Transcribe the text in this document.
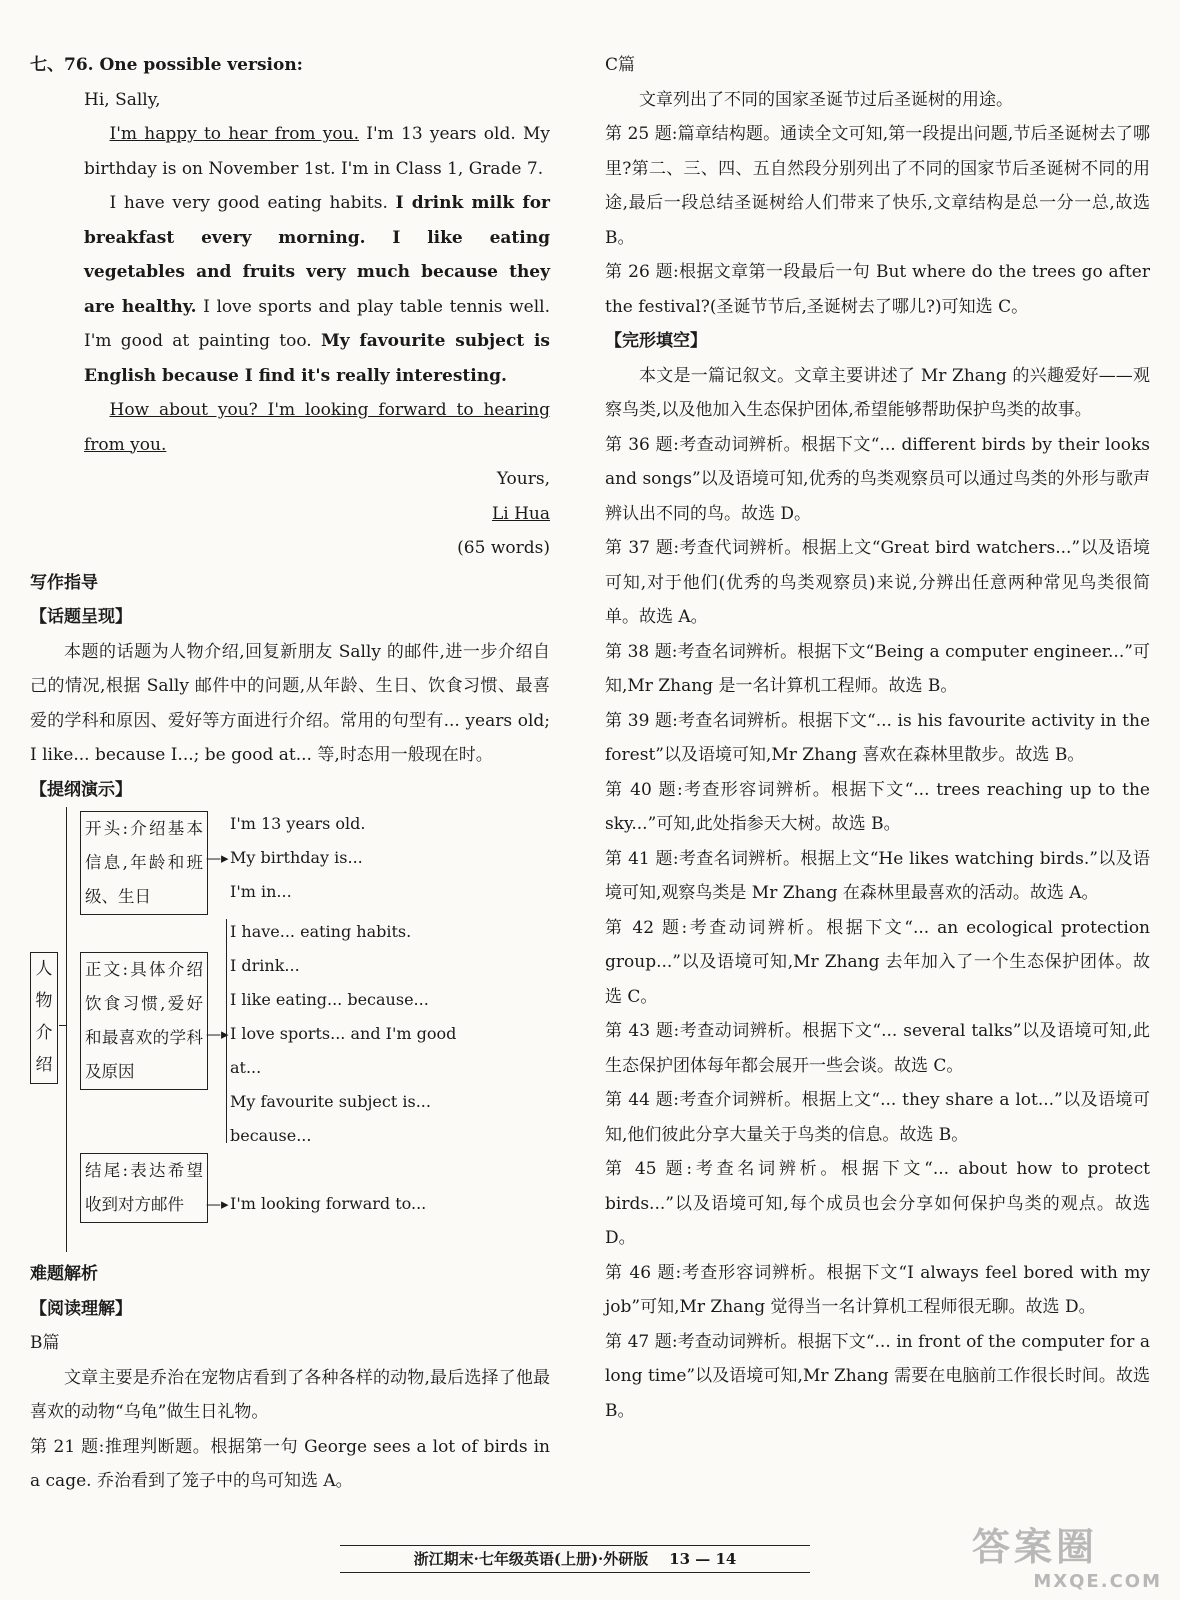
七、76. One possible version:

Hi, Sally,

I'm happy to hear from you. I'm 13 years old. My birthday is on November 1st. I'm in Class 1, Grade 7.

I have very good eating habits. I drink milk for breakfast every morning. I like eating vegetables and fruits very much because they are healthy. I love sports and play table tennis well. I'm good at painting too. My favourite subject is English because I find it's really interesting.

How about you? I'm looking forward to hearing from you.

Yours,

Li Hua

(65 words)

写作指导

【话题呈现】

本题的话题为人物介绍,回复新朋友 Sally 的邮件,进一步介绍自己的情况,根据 Sally 邮件中的问题,从年龄、生日、饮食习惯、最喜爱的学科和原因、爱好等方面进行介绍。常用的句型有... years old; I like... because I...; be good at... 等,时态用一般现在时。

【提纲演示】

人物介绍
开头:介绍基本信息,年龄和班级、生日
—▸
I'm 13 years old.
My birthday is...
I'm in...
正文:具体介绍饮食习惯,爱好和最喜欢的学科及原因
—▸
I have... eating habits.
I drink...
I like eating... because...
I love sports... and I'm good
at...
My favourite subject is...
because...
结尾:表达希望收到对方邮件	—▸ I'm looking forward to...

难题解析

【阅读理解】

B篇

文章主要是乔治在宠物店看到了各种各样的动物,最后选择了他最喜欢的动物“乌龟”做生日礼物。

第 21 题:推理判断题。根据第一句 George sees a lot of birds in a cage. 乔治看到了笼子中的鸟可知选 A。

C篇

文章列出了不同的国家圣诞节过后圣诞树的用途。

第 25 题:篇章结构题。通读全文可知,第一段提出问题,节后圣诞树去了哪里?第二、三、四、五自然段分别列出了不同的国家节后圣诞树不同的用途,最后一段总结圣诞树给人们带来了快乐,文章结构是总一分一总,故选 B。

第 26 题:根据文章第一段最后一句 But where do the trees go after the festival?(圣诞节节后,圣诞树去了哪儿?)可知选 C。

【完形填空】

本文是一篇记叙文。文章主要讲述了 Mr Zhang 的兴趣爱好——观察鸟类,以及他加入生态保护团体,希望能够帮助保护鸟类的故事。

第 36 题:考查动词辨析。根据下文“... different birds by their looks and songs”以及语境可知,优秀的鸟类观察员可以通过鸟类的外形与歌声辨认出不同的鸟。故选 D。

第 37 题:考查代词辨析。根据上文“Great bird watchers...”以及语境可知,对于他们(优秀的鸟类观察员)来说,分辨出任意两种常见鸟类很简单。故选 A。

第 38 题:考查名词辨析。根据下文“Being a computer engineer...”可知,Mr Zhang 是一名计算机工程师。故选 B。

第 39 题:考查名词辨析。根据下文“... is his favourite activity in the forest”以及语境可知,Mr Zhang 喜欢在森林里散步。故选 B。

第 40 题:考查形容词辨析。根据下文“... trees reaching up to the sky...”可知,此处指参天大树。故选 B。

第 41 题:考查名词辨析。根据上文“He likes watching birds.”以及语境可知,观察鸟类是 Mr Zhang 在森林里最喜欢的活动。故选 A。

第 42 题:考查动词辨析。根据下文“... an ecological protection group...”以及语境可知,Mr Zhang 去年加入了一个生态保护团体。故选 C。

第 43 题:考查动词辨析。根据下文“... several talks”以及语境可知,此生态保护团体每年都会展开一些会谈。故选 C。

第 44 题:考查介词辨析。根据上文“... they share a lot...”以及语境可知,他们彼此分享大量关于鸟类的信息。故选 B。

第 45 题:考查名词辨析。根据下文“... about how to protect birds...”以及语境可知,每个成员也会分享如何保护鸟类的观点。故选 D。

第 46 题:考查形容词辨析。根据下文“I always feel bored with my job”可知,Mr Zhang 觉得当一名计算机工程师很无聊。故选 D。

第 47 题:考查动词辨析。根据下文“... in front of the computer for a long time”以及语境可知,Mr Zhang 需要在电脑前工作很长时间。故选 B。

浙江期末·七年级英语(上册)·外研版 13 — 14	答案圈
MXQE.COM
